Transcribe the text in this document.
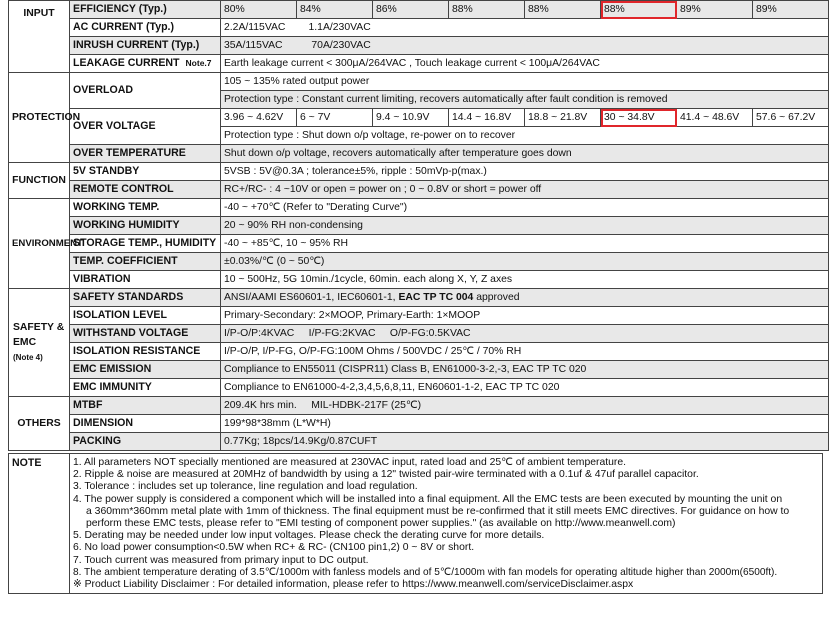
INPUT	EFFICIENCY (Typ.)	80%	84%	86%	88%	88%	88%	89%	89%
	AC CURRENT (Typ.)	2.2A/115VAC        1.1A/230VAC							
	INRUSH CURRENT (Typ.)	35A/115VAC          70A/230VAC							
	LEAKAGE CURRENT Note.7	Earth leakage current < 300μA/264VAC , Touch leakage current < 100μA/264VAC							
PROTECTION	OVERLOAD	105 ~ 135% rated output power							
		Protection type : Constant current limiting, recovers automatically after fault condition is removed							
	OVER VOLTAGE	3.96 ~ 4.62V	6 ~ 7V	9.4 ~ 10.9V	14.4 ~ 16.8V	18.8 ~ 21.8V	30 ~ 34.8V	41.4 ~ 48.6V	57.6 ~ 67.2V
		Protection type : Shut down o/p voltage, re-power on to recover							
	OVER TEMPERATURE	Shut down o/p voltage, recovers automatically after temperature goes down							
FUNCTION	5V STANDBY	5VSB : 5V@0.3A ; tolerance±5%, ripple : 50mVp-p(max.)							
	REMOTE CONTROL	RC+/RC- : 4 ~10V or open = power on ; 0 ~ 0.8V or short = power off							
ENVIRONMENT	WORKING TEMP.	-40 ~ +70℃ (Refer to "Derating Curve")							
	WORKING HUMIDITY	20 ~ 90% RH non-condensing							
	STORAGE TEMP., HUMIDITY	-40 ~ +85℃, 10 ~ 95% RH							
	TEMP. COEFFICIENT	±0.03%/℃ (0 ~ 50℃)							
	VIBRATION	10 ~ 500Hz, 5G 10min./1cycle, 60min. each along X, Y, Z axes							

SAFETY &
EMC
(Note 4)	SAFETY STANDARDS	ANSI/AAMI ES60601-1, IEC60601-1, EAC TP TC 004 approved							
	ISOLATION LEVEL	Primary-Secondary: 2×MOOP, Primary-Earth: 1×MOOP							
	WITHSTAND VOLTAGE	I/P-O/P:4KVAC     I/P-FG:2KVAC     O/P-FG:0.5KVAC							
	ISOLATION RESISTANCE	I/P-O/P, I/P-FG, O/P-FG:100M Ohms / 500VDC / 25℃ / 70% RH							
	EMC EMISSION	Compliance to EN55011 (CISPR11) Class B, EN61000-3-2,-3, EAC TP TC 020							
	EMC IMMUNITY	Compliance to EN61000-4-2,3,4,5,6,8,11, EN60601-1-2, EAC TP TC 020							
OTHERS	MTBF	209.4K hrs min.     MIL-HDBK-217F (25℃)							
	DIMENSION	199*98*38mm (L*W*H)							
	PACKING	0.77Kg; 18pcs/14.9Kg/0.87CUFT							
NOTE	1. All parameters NOT specially mentioned are measured at 230VAC input, rated load and 25℃ of ambient temperature.
2. Ripple & noise are measured at 20MHz of bandwidth by using a 12" twisted pair-wire terminated with a 0.1uf & 47uf parallel capacitor.
3. Tolerance : includes set up tolerance, line regulation and load regulation.
4. The power supply is considered a component which will be installed into a final equipment. All the EMC tests are been executed by mounting the unit on
a 360mm*360mm metal plate with 1mm of thickness. The final equipment must be re-confirmed that it still meets EMC directives. For guidance on how to
perform these EMC tests, please refer to "EMI testing of component power supplies." (as available on http://www.meanwell.com)
5. Derating may be needed under low input voltages. Please check the derating curve for more details.
6. No load power consumption<0.5W when RC+ & RC- (CN100 pin1,2) 0 ~ 8V or short.
7. Touch current was measured from primary input to DC output.
8. The ambient temperature derating of 3.5℃/1000m with fanless models and of 5℃/1000m with fan models for operating altitude higher than 2000m(6500ft).
※ Product Liability Disclaimer : For detailed information, please refer to https://www.meanwell.com/serviceDisclaimer.aspx
